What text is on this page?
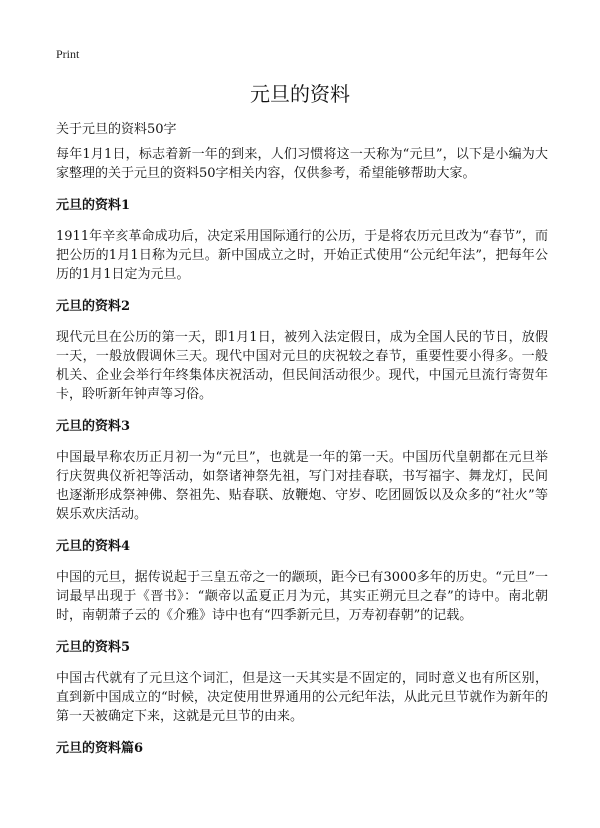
Print
元旦的资料

关于元旦的资料50字

每年1月1日，标志着新一年的到来，人们习惯将这一天称为“元旦”，以下是小编为大家整理的关于元旦的资料50字相关内容，仅供参考，希望能够帮助大家。

元旦的资料1

1911年辛亥革命成功后，决定采用国际通行的公历，于是将农历元旦改为“春节”，而把公历的1月1日称为元旦。新中国成立之时，开始正式使用“公元纪年法”，把每年公历的1月1日定为元旦。

元旦的资料2

现代元旦在公历的第一天，即1月1日，被列入法定假日，成为全国人民的节日，放假一天，一般放假调休三天。现代中国对元旦的庆祝较之春节，重要性要小得多。一般机关、企业会举行年终集体庆祝活动，但民间活动很少。现代，中国元旦流行寄贺年卡，聆听新年钟声等习俗。

元旦的资料3

中国最早称农历正月初一为“元旦”，也就是一年的第一天。中国历代皇朝都在元旦举行庆贺典仪祈祀等活动，如祭诸神祭先祖，写门对挂春联，书写福字、舞龙灯，民间也逐渐形成祭神佛、祭祖先、贴春联、放鞭炮、守岁、吃团圆饭以及众多的“社火”等娱乐欢庆活动。

元旦的资料4

中国的元旦，据传说起于三皇五帝之一的颛顼，距今已有3000多年的历史。“元旦”一词最早出现于《晋书》：“颛帝以孟夏正月为元，其实正朔元旦之春”的诗中。南北朝时，南朝萧子云的《介雅》诗中也有“四季新元旦，万寿初春朝”的记载。

元旦的资料5

中国古代就有了元旦这个词汇，但是这一天其实是不固定的，同时意义也有所区别，直到新中国成立的“时候，决定使用世界通用的公元纪年法，从此元旦节就作为新年的第一天被确定下来，这就是元旦节的由来。

元旦的资料篇6
